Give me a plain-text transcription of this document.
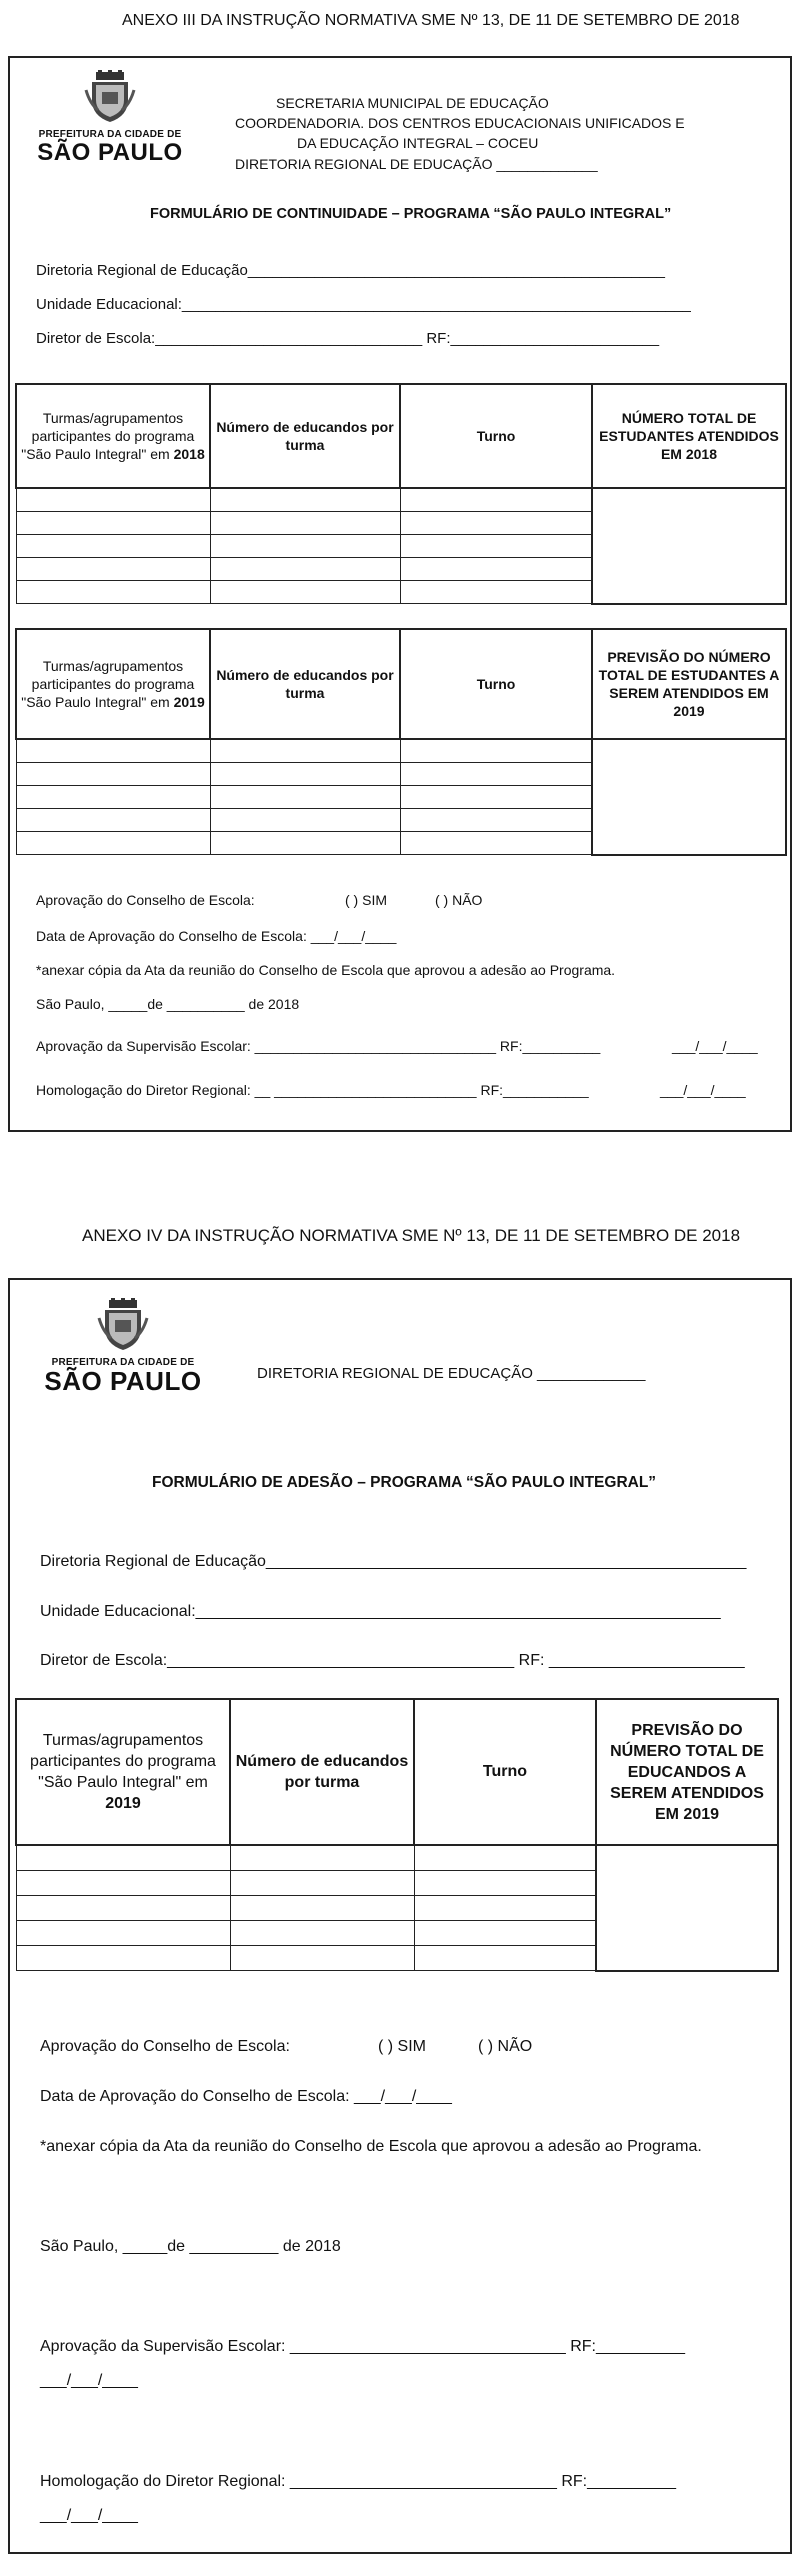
ANEXO III DA INSTRUÇÃO NORMATIVA SME Nº 13, DE 11 DE SETEMBRO DE 2018
PREFEITURA DA CIDADE DE
SÃO PAULO
SECRETARIA MUNICIPAL DE EDUCAÇÃO
COORDENADORIA. DOS CENTROS EDUCACIONAIS UNIFICADOS E
DA EDUCAÇÃO INTEGRAL – COCEU
DIRETORIA REGIONAL DE EDUCAÇÃO _____________
FORMULÁRIO DE CONTINUIDADE – PROGRAMA “SÃO PAULO INTEGRAL”
Diretoria Regional de Educação__________________________________________________
Unidade Educacional:_____________________________________________________________
Diretor de Escola:________________________________ RF:_________________________
Turmas/agrupamentos participantes do programa "São Paulo Integral" em 2018	Número de educandos por turma	Turno	NÚMERO TOTAL DE ESTUDANTES ATENDIDOS EM 2018

Turmas/agrupamentos participantes do programa "São Paulo Integral" em 2019	Número de educandos por turma	Turno	PREVISÃO DO NÚMERO TOTAL DE ESTUDANTES A SEREM ATENDIDOS EM 2019

Aprovação do Conselho de Escola:	( ) SIM	( ) NÃO
Data de Aprovação do Conselho de Escola: ___/___/____
*anexar cópia da Ata da reunião do Conselho de Escola que aprovou a adesão ao Programa.
São Paulo, _____de __________ de 2018
Aprovação da Supervisão Escolar: _______________________________ RF:__________	___/___/____
Homologação do Diretor Regional: __ __________________________ RF:___________	___/___/____
ANEXO IV DA INSTRUÇÃO NORMATIVA SME Nº 13, DE 11 DE SETEMBRO DE 2018
PREFEITURA DA CIDADE DE
SÃO PAULO	DIRETORIA REGIONAL DE EDUCAÇÃO _____________
FORMULÁRIO DE ADESÃO – PROGRAMA “SÃO PAULO INTEGRAL”
Diretoria Regional de Educação______________________________________________________
Unidade Educacional:___________________________________________________________
Diretor de Escola:_______________________________________ RF: ______________________
Turmas/agrupamentos participantes do programa "São Paulo Integral" em 2019	Número de educandos por turma	Turno	PREVISÃO DO NÚMERO TOTAL DE EDUCANDOS A SEREM ATENDIDOS EM 2019

Aprovação do Conselho de Escola:	( ) SIM	( ) NÃO
Data de Aprovação do Conselho de Escola: ___/___/____
*anexar cópia da Ata da reunião do Conselho de Escola que aprovou a adesão ao Programa.
São Paulo, _____de __________ de 2018
Aprovação da Supervisão Escolar: _______________________________ RF:__________
___/___/____
Homologação do Diretor Regional: ______________________________ RF:__________
___/___/____
